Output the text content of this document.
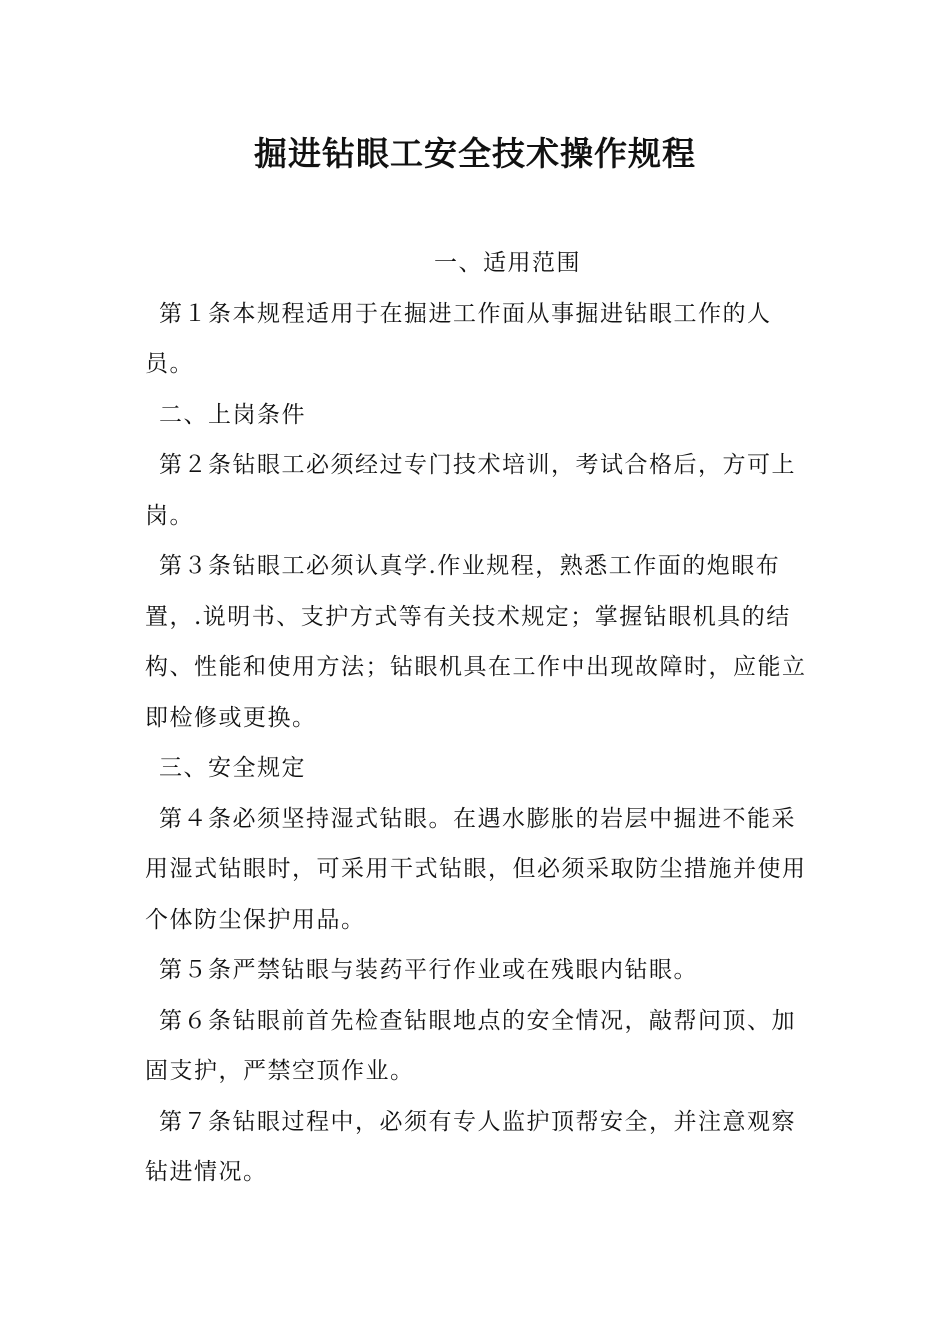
掘进钻眼工安全技术操作规程

一、适用范围

第１条本规程适用于在掘进工作面从事掘进钻眼工作的人员。

二、上岗条件

第２条钻眼工必须经过专门技术培训，考试合格后，方可上岗。

第３条钻眼工必须认真学.作业规程，熟悉工作面的炮眼布置，.说明书、支护方式等有关技术规定；掌握钻眼机具的结构、性能和使用方法；钻眼机具在工作中出现故障时，应能立即检修或更换。

三、安全规定

第４条必须坚持湿式钻眼。在遇水膨胀的岩层中掘进不能采用湿式钻眼时，可采用干式钻眼，但必须采取防尘措施并使用个体防尘保护用品。

第５条严禁钻眼与装药平行作业或在残眼内钻眼。

第６条钻眼前首先检查钻眼地点的安全情况，敲帮问顶、加固支护，严禁空顶作业。

第７条钻眼过程中，必须有专人监护顶帮安全，并注意观察钻进情况。
